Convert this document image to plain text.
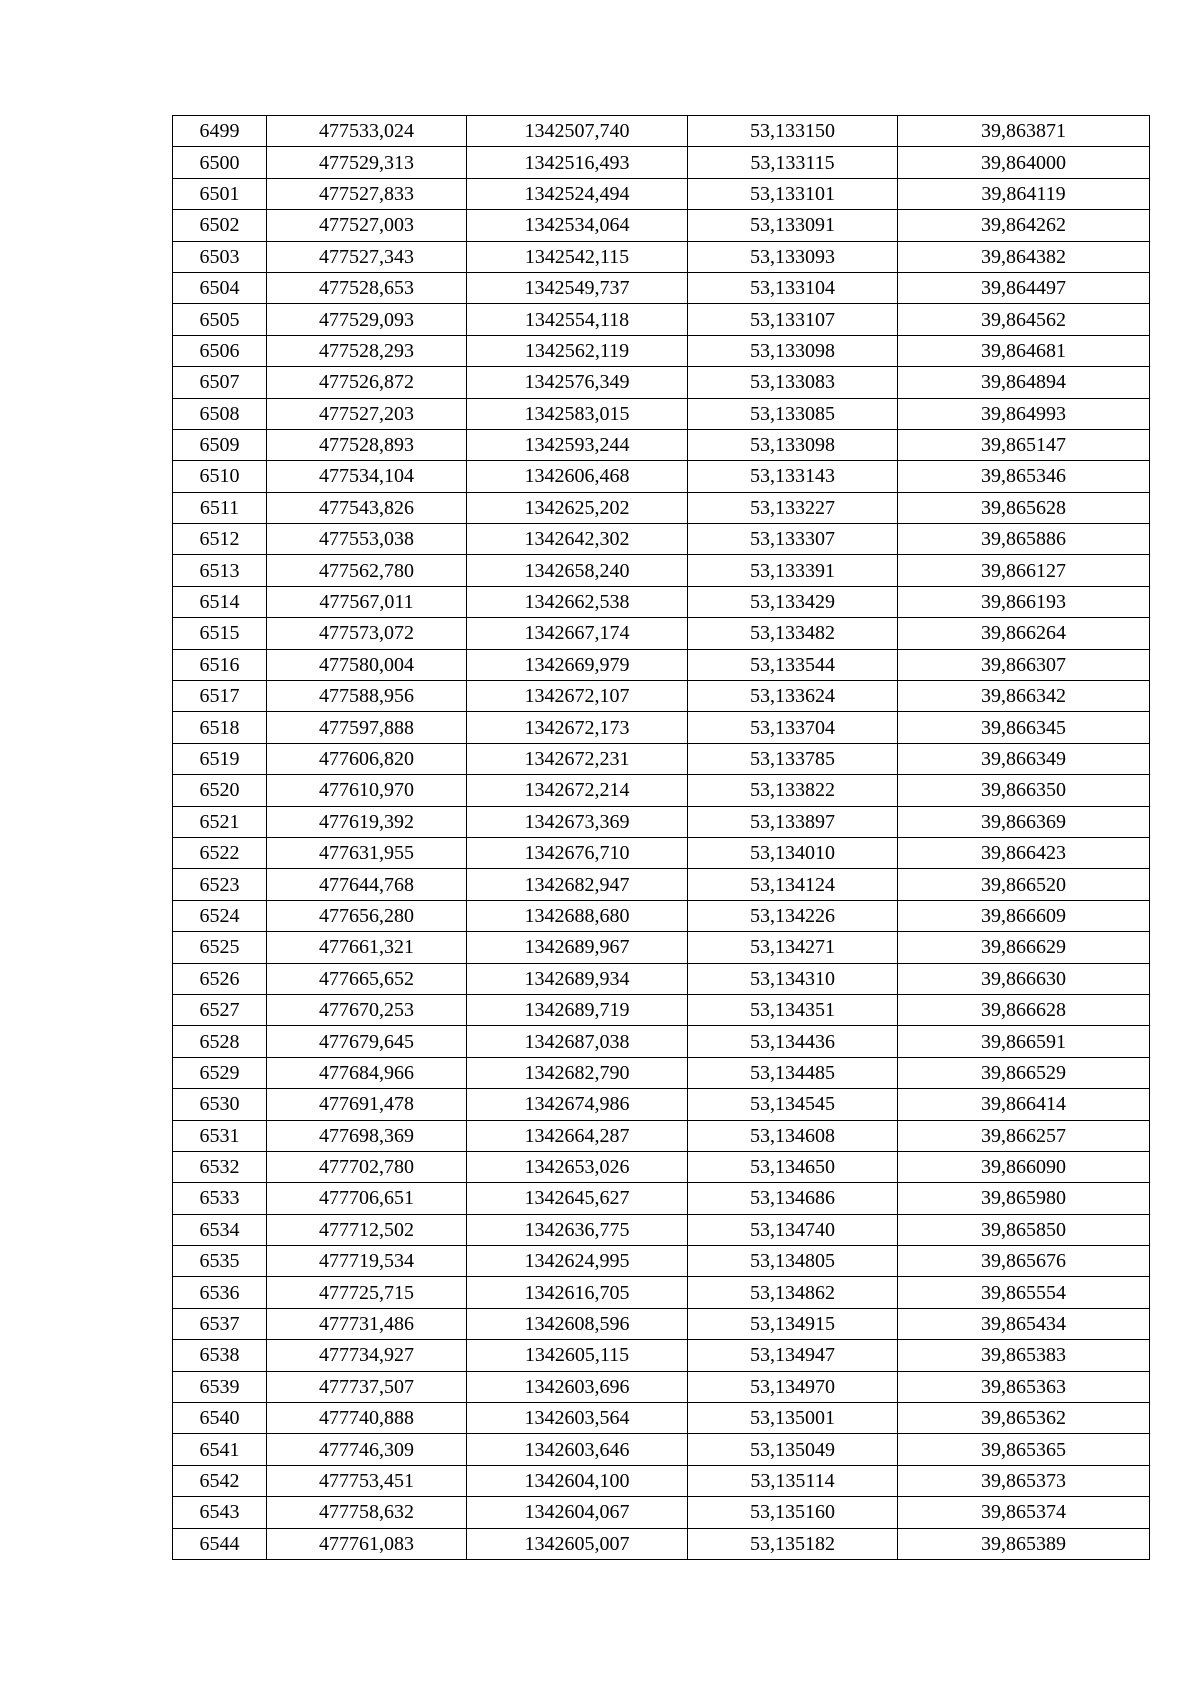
6499	477533,024	1342507,740	53,133150	39,863871
6500	477529,313	1342516,493	53,133115	39,864000
6501	477527,833	1342524,494	53,133101	39,864119
6502	477527,003	1342534,064	53,133091	39,864262
6503	477527,343	1342542,115	53,133093	39,864382
6504	477528,653	1342549,737	53,133104	39,864497
6505	477529,093	1342554,118	53,133107	39,864562
6506	477528,293	1342562,119	53,133098	39,864681
6507	477526,872	1342576,349	53,133083	39,864894
6508	477527,203	1342583,015	53,133085	39,864993
6509	477528,893	1342593,244	53,133098	39,865147
6510	477534,104	1342606,468	53,133143	39,865346
6511	477543,826	1342625,202	53,133227	39,865628
6512	477553,038	1342642,302	53,133307	39,865886
6513	477562,780	1342658,240	53,133391	39,866127
6514	477567,011	1342662,538	53,133429	39,866193
6515	477573,072	1342667,174	53,133482	39,866264
6516	477580,004	1342669,979	53,133544	39,866307
6517	477588,956	1342672,107	53,133624	39,866342
6518	477597,888	1342672,173	53,133704	39,866345
6519	477606,820	1342672,231	53,133785	39,866349
6520	477610,970	1342672,214	53,133822	39,866350
6521	477619,392	1342673,369	53,133897	39,866369
6522	477631,955	1342676,710	53,134010	39,866423
6523	477644,768	1342682,947	53,134124	39,866520
6524	477656,280	1342688,680	53,134226	39,866609
6525	477661,321	1342689,967	53,134271	39,866629
6526	477665,652	1342689,934	53,134310	39,866630
6527	477670,253	1342689,719	53,134351	39,866628
6528	477679,645	1342687,038	53,134436	39,866591
6529	477684,966	1342682,790	53,134485	39,866529
6530	477691,478	1342674,986	53,134545	39,866414
6531	477698,369	1342664,287	53,134608	39,866257
6532	477702,780	1342653,026	53,134650	39,866090
6533	477706,651	1342645,627	53,134686	39,865980
6534	477712,502	1342636,775	53,134740	39,865850
6535	477719,534	1342624,995	53,134805	39,865676
6536	477725,715	1342616,705	53,134862	39,865554
6537	477731,486	1342608,596	53,134915	39,865434
6538	477734,927	1342605,115	53,134947	39,865383
6539	477737,507	1342603,696	53,134970	39,865363
6540	477740,888	1342603,564	53,135001	39,865362
6541	477746,309	1342603,646	53,135049	39,865365
6542	477753,451	1342604,100	53,135114	39,865373
6543	477758,632	1342604,067	53,135160	39,865374
6544	477761,083	1342605,007	53,135182	39,865389
